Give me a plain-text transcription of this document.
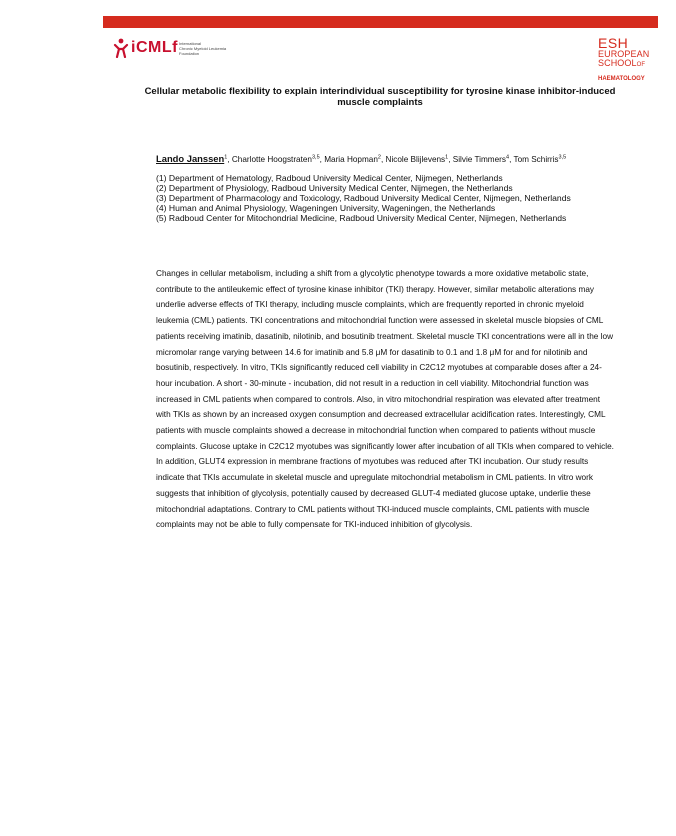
iCMLf International
Chronic Myeloid Leukemia
Foundation
ESH
EUROPEAN
SCHOOLOF
HAEMATOLOGY
Cellular metabolic flexibility to explain interindividual susceptibility for tyrosine kinase inhibitor-induced muscle complaints
Lando Janssen$^1$, Charlotte Hoogstraten$^{3,5}$, Maria Hopman$^2$, Nicole Blijlevens$^1$, Silvie Timmers$^4$, Tom Schirris$^{3,5}$
(1) Department of Hematology, Radboud University Medical Center, Nijmegen, Netherlands
(2) Department of Physiology, Radboud University Medical Center, Nijmegen, the Netherlands
(3) Department of Pharmacology and Toxicology, Radboud University Medical Center, Nijmegen, Netherlands
(4) Human and Animal Physiology, Wageningen University, Wageningen, the Netherlands
(5) Radboud Center for Mitochondrial Medicine, Radboud University Medical Center, Nijmegen, Netherlands
Changes in cellular metabolism, including a shift from a glycolytic phenotype towards a more oxidative metabolic state, contribute to the antileukemic effect of tyrosine kinase inhibitor (TKI) therapy. However, similar metabolic alterations may underlie adverse effects of TKI therapy, including muscle complaints, which are frequently reported in chronic myeloid leukemia (CML) patients. TKI concentrations and mitochondrial function were assessed in skeletal muscle biopsies of CML patients receiving imatinib, dasatinib, nilotinib, and bosutinib treatment. Skeletal muscle TKI concentrations were all in the low micromolar range varying between 14.6 for imatinib and 5.8 μM for dasatinib to 0.1 and 1.8 μM for and for nilotinib and bosutinib, respectively. In vitro, TKIs significantly reduced cell viability in C2C12 myotubes at comparable doses after a 24-hour incubation. A short - 30-minute - incubation, did not result in a reduction in cell viability. Mitochondrial function was increased in CML patients when compared to controls. Also, in vitro mitochondrial respiration was elevated after treatment with TKIs as shown by an increased oxygen consumption and decreased extracellular acidification rates. Interestingly, CML patients with muscle complaints showed a decrease in mitochondrial function when compared to patients without muscle complaints. Glucose uptake in C2C12 myotubes was significantly lower after incubation of all TKIs when compared to vehicle. In addition, GLUT4 expression in membrane fractions of myotubes was reduced after TKI incubation. Our study results indicate that TKIs accumulate in skeletal muscle and upregulate mitochondrial metabolism in CML patients. In vitro work suggests that inhibition of glycolysis, potentially caused by decreased GLUT-4 mediated glucose uptake, underlie these mitochondrial adaptations. Contrary to CML patients without TKI-induced muscle complaints, CML patients with muscle complaints may not be able to fully compensate for TKI-induced inhibition of glycolysis.
